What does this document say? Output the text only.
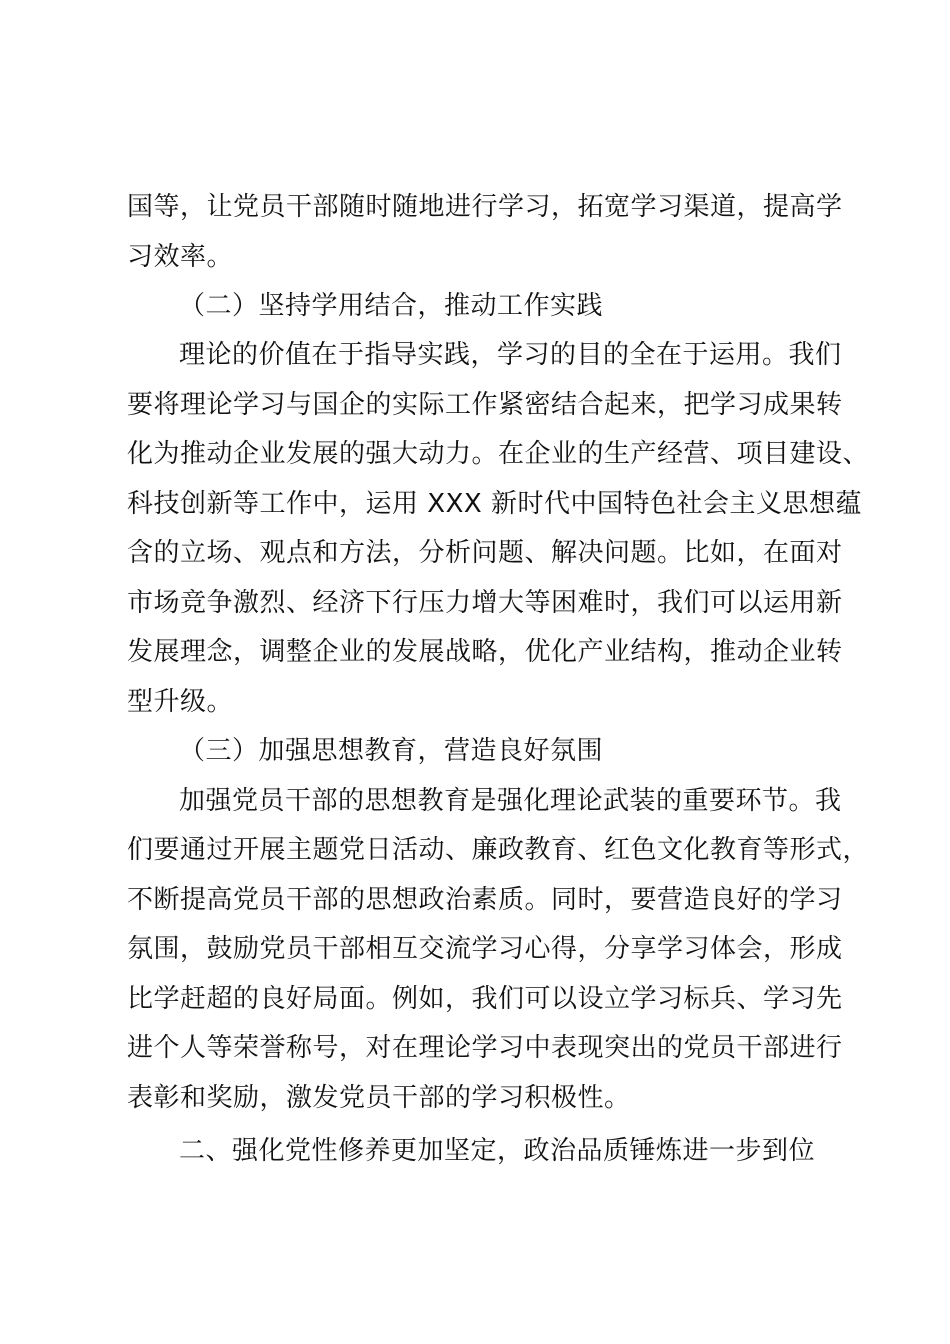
国等，让党员干部随时随地进行学习，拓宽学习渠道，提高学
习效率。
（二）坚持学用结合，推动工作实践
理论的价值在于指导实践，学习的目的全在于运用。我们
要将理论学习与国企的实际工作紧密结合起来，把学习成果转
化为推动企业发展的强大动力。在企业的生产经营、项目建设、
科技创新等工作中，运用 XXX 新时代中国特色社会主义思想蕴
含的立场、观点和方法，分析问题、解决问题。比如，在面对
市场竞争激烈、经济下行压力增大等困难时，我们可以运用新
发展理念，调整企业的发展战略，优化产业结构，推动企业转
型升级。
（三）加强思想教育，营造良好氛围
加强党员干部的思想教育是强化理论武装的重要环节。我
们要通过开展主题党日活动、廉政教育、红色文化教育等形式，
不断提高党员干部的思想政治素质。同时，要营造良好的学习
氛围，鼓励党员干部相互交流学习心得，分享学习体会，形成
比学赶超的良好局面。例如，我们可以设立学习标兵、学习先
进个人等荣誉称号，对在理论学习中表现突出的党员干部进行
表彰和奖励，激发党员干部的学习积极性。
二、强化党性修养更加坚定，政治品质锤炼进一步到位
